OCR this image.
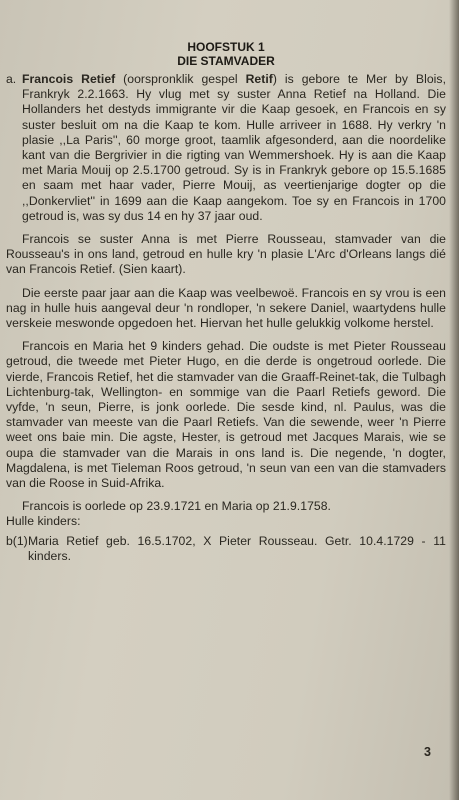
HOOFSTUK 1

DIE STAMVADER

a. Francois Retief (oorspronklik gespel Retif) is gebore te Mer by Blois, Frankryk 2.2.1663. Hy vlug met sy suster Anna Retief na Holland. Die Hollanders het destyds immigrante vir die Kaap gesoek, en Francois en sy suster besluit om na die Kaap te kom. Hulle arriveer in 1688. Hy verkry 'n plasie ,,La Paris'', 60 morge groot, taamlik afgesonderd, aan die noordelike kant van die Bergrivier in die rigting van Wemmershoek. Hy is aan die Kaap met Maria Mouij op 2.5.1700 getroud. Sy is in Frankryk gebore op 15.5.1685 en saam met haar vader, Pierre Mouij, as veertienjarige dogter op die ,,Donkervliet'' in 1699 aan die Kaap aangekom. Toe sy en Francois in 1700 getroud is, was sy dus 14 en hy 37 jaar oud.

Francois se suster Anna is met Pierre Rousseau, stamvader van die Rousseau's in ons land, getroud en hulle kry 'n plasie L'Arc d'Orleans langs dié van Francois Retief. (Sien kaart).

Die eerste paar jaar aan die Kaap was veelbewoë. Francois en sy vrou is een nag in hulle huis aangeval deur 'n rondloper, 'n sekere Daniel, waartydens hulle verskeie meswonde opgedoen het. Hiervan het hulle gelukkig volkome herstel.

Francois en Maria het 9 kinders gehad. Die oudste is met Pieter Rousseau getroud, die tweede met Pieter Hugo, en die derde is ongetroud oorlede. Die vierde, Francois Retief, het die stamvader van die Graaff-Reinet-tak, die Tulbagh Lichtenburg-tak, Wellington- en sommige van die Paarl Retiefs geword. Die vyfde, 'n seun, Pierre, is jonk oorlede. Die sesde kind, nl. Paulus, was die stamvader van meeste van die Paarl Retiefs. Van die sewende, weer 'n Pierre weet ons baie min. Die agste, Hester, is getroud met Jacques Marais, wie se oupa die stamvader van die Marais in ons land is. Die negende, 'n dogter, Magdalena, is met Tieleman Roos getroud, 'n seun van een van die stamvaders van die Roose in Suid-Afrika.

Francois is oorlede op 23.9.1721 en Maria op 21.9.1758.

Hulle kinders:

b(1) Maria Retief geb. 16.5.1702, X Pieter Rousseau. Getr. 10.4.1729 - 11 kinders.

3
